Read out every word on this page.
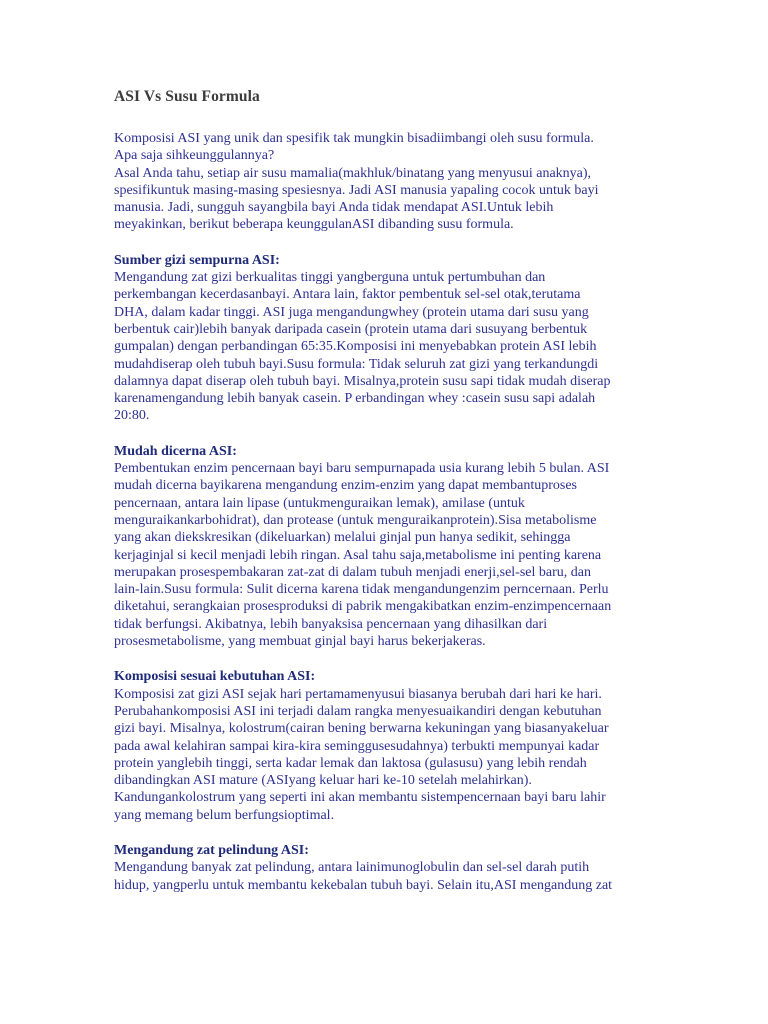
ASI Vs Susu Formula

Komposisi ASI yang unik dan spesifik tak mungkin bisadiimbangi oleh susu formula.
Apa saja sihkeunggulannya?
Asal Anda tahu, setiap air susu mamalia(makhluk/binatang yang menyusui anaknya),
spesifikuntuk masing-masing spesiesnya. Jadi ASI manusia yapaling cocok untuk bayi
manusia. Jadi, sungguh sayangbila bayi Anda tidak mendapat ASI.Untuk lebih
meyakinkan, berikut beberapa keunggulanASI dibanding susu formula.

Sumber gizi sempurna ASI:

Mengandung zat gizi berkualitas tinggi yangberguna untuk pertumbuhan dan
perkembangan kecerdasanbayi. Antara lain, faktor pembentuk sel-sel otak,terutama
DHA, dalam kadar tinggi. ASI juga mengandungwhey (protein utama dari susu yang
berbentuk cair)lebih banyak daripada casein (protein utama dari susuyang berbentuk
gumpalan) dengan perbandingan 65:35.Komposisi ini menyebabkan protein ASI lebih
mudahdiserap oleh tubuh bayi.Susu formula: Tidak seluruh zat gizi yang terkandungdi
dalamnya dapat diserap oleh tubuh bayi. Misalnya,protein susu sapi tidak mudah diserap
karenamengandung lebih banyak casein. P erbandingan whey :casein susu sapi adalah
20:80.

Mudah dicerna ASI:

Pembentukan enzim pencernaan bayi baru sempurnapada usia kurang lebih 5 bulan. ASI
mudah dicerna bayikarena mengandung enzim-enzim yang dapat membantuproses
pencernaan, antara lain lipase (untukmenguraikan lemak), amilase (untuk
menguraikankarbohidrat), dan protease (untuk menguraikanprotein).Sisa metabolisme
yang akan diekskresikan (dikeluarkan) melalui ginjal pun hanya sedikit, sehingga
kerjaginjal si kecil menjadi lebih ringan. Asal tahu saja,metabolisme ini penting karena
merupakan prosespembakaran zat-zat di dalam tubuh menjadi enerji,sel-sel baru, dan
lain-lain.Susu formula: Sulit dicerna karena tidak mengandungenzim perncernaan. Perlu
diketahui, serangkaian prosesproduksi di pabrik mengakibatkan enzim-enzimpencernaan
tidak berfungsi. Akibatnya, lebih banyaksisa pencernaan yang dihasilkan dari
prosesmetabolisme, yang membuat ginjal bayi harus bekerjakeras.

Komposisi sesuai kebutuhan ASI:

Komposisi zat gizi ASI sejak hari pertamamenyusui biasanya berubah dari hari ke hari.
Perubahankomposisi ASI ini terjadi dalam rangka menyesuaikandiri dengan kebutuhan
gizi bayi. Misalnya, kolostrum(cairan bening berwarna kekuningan yang biasanyakeluar
pada awal kelahiran sampai kira-kira seminggusesudahnya) terbukti mempunyai kadar
protein yanglebih tinggi, serta kadar lemak dan laktosa (gulasusu) yang lebih rendah
dibandingkan ASI mature (ASIyang keluar hari ke-10 setelah melahirkan).
Kandungankolostrum yang seperti ini akan membantu sistempencernaan bayi baru lahir
yang memang belum berfungsioptimal.

Mengandung zat pelindung ASI:

Mengandung banyak zat pelindung, antara lainimunoglobulin dan sel-sel darah putih
hidup, yangperlu untuk membantu kekebalan tubuh bayi. Selain itu,ASI mengandung zat
